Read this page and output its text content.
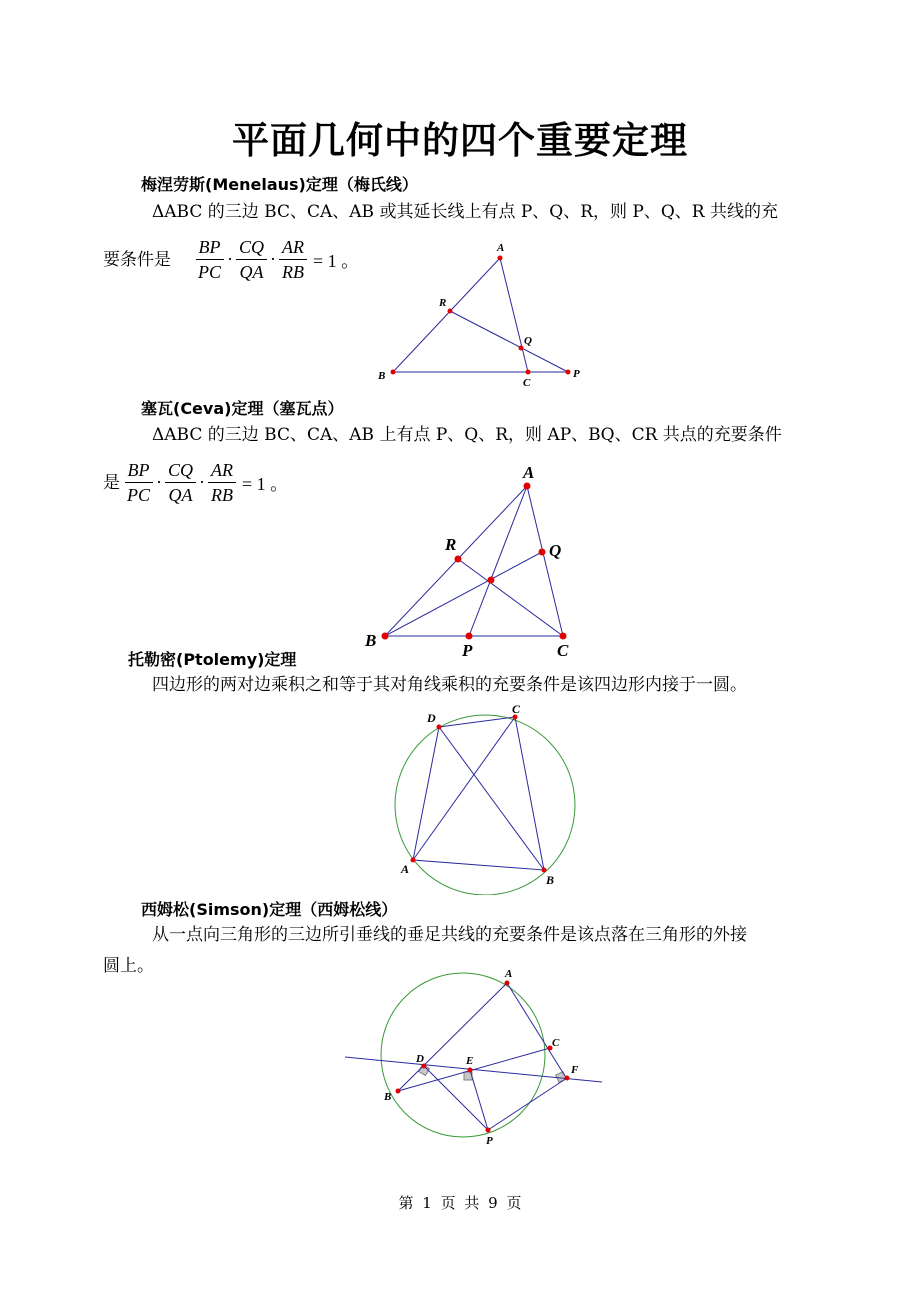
平面几何中的四个重要定理
梅涅劳斯(Menelaus)定理（梅氏线）
ΔABC 的三边 BC、CA、AB 或其延长线上有点 P、Q、R，则 P、Q、R 共线的充
要条件是 $\frac{BP}{PC} \cdot \frac{CQ}{QA} \cdot \frac{AR}{RB} = 1$ 。
A
B
C
P
Q
R
塞瓦(Ceva)定理（塞瓦点）
ΔABC 的三边 BC、CA、AB 上有点 P、Q、R，则 AP、BQ、CR 共点的充要条件
是 $\frac{BP}{PC} \cdot \frac{CQ}{QA} \cdot \frac{AR}{RB} = 1$ 。
A
B
C
P
Q
R
托勒密(Ptolemy)定理
四边形的两对边乘积之和等于其对角线乘积的充要条件是该四边形内接于一圆。
D
C
B
A
西姆松(Simson)定理（西姆松线）
从一点向三角形的三边所引垂线的垂足共线的充要条件是该点落在三角形的外接
圆上。	A
B
C
D	E
F
P
第 1 页 共 9 页
